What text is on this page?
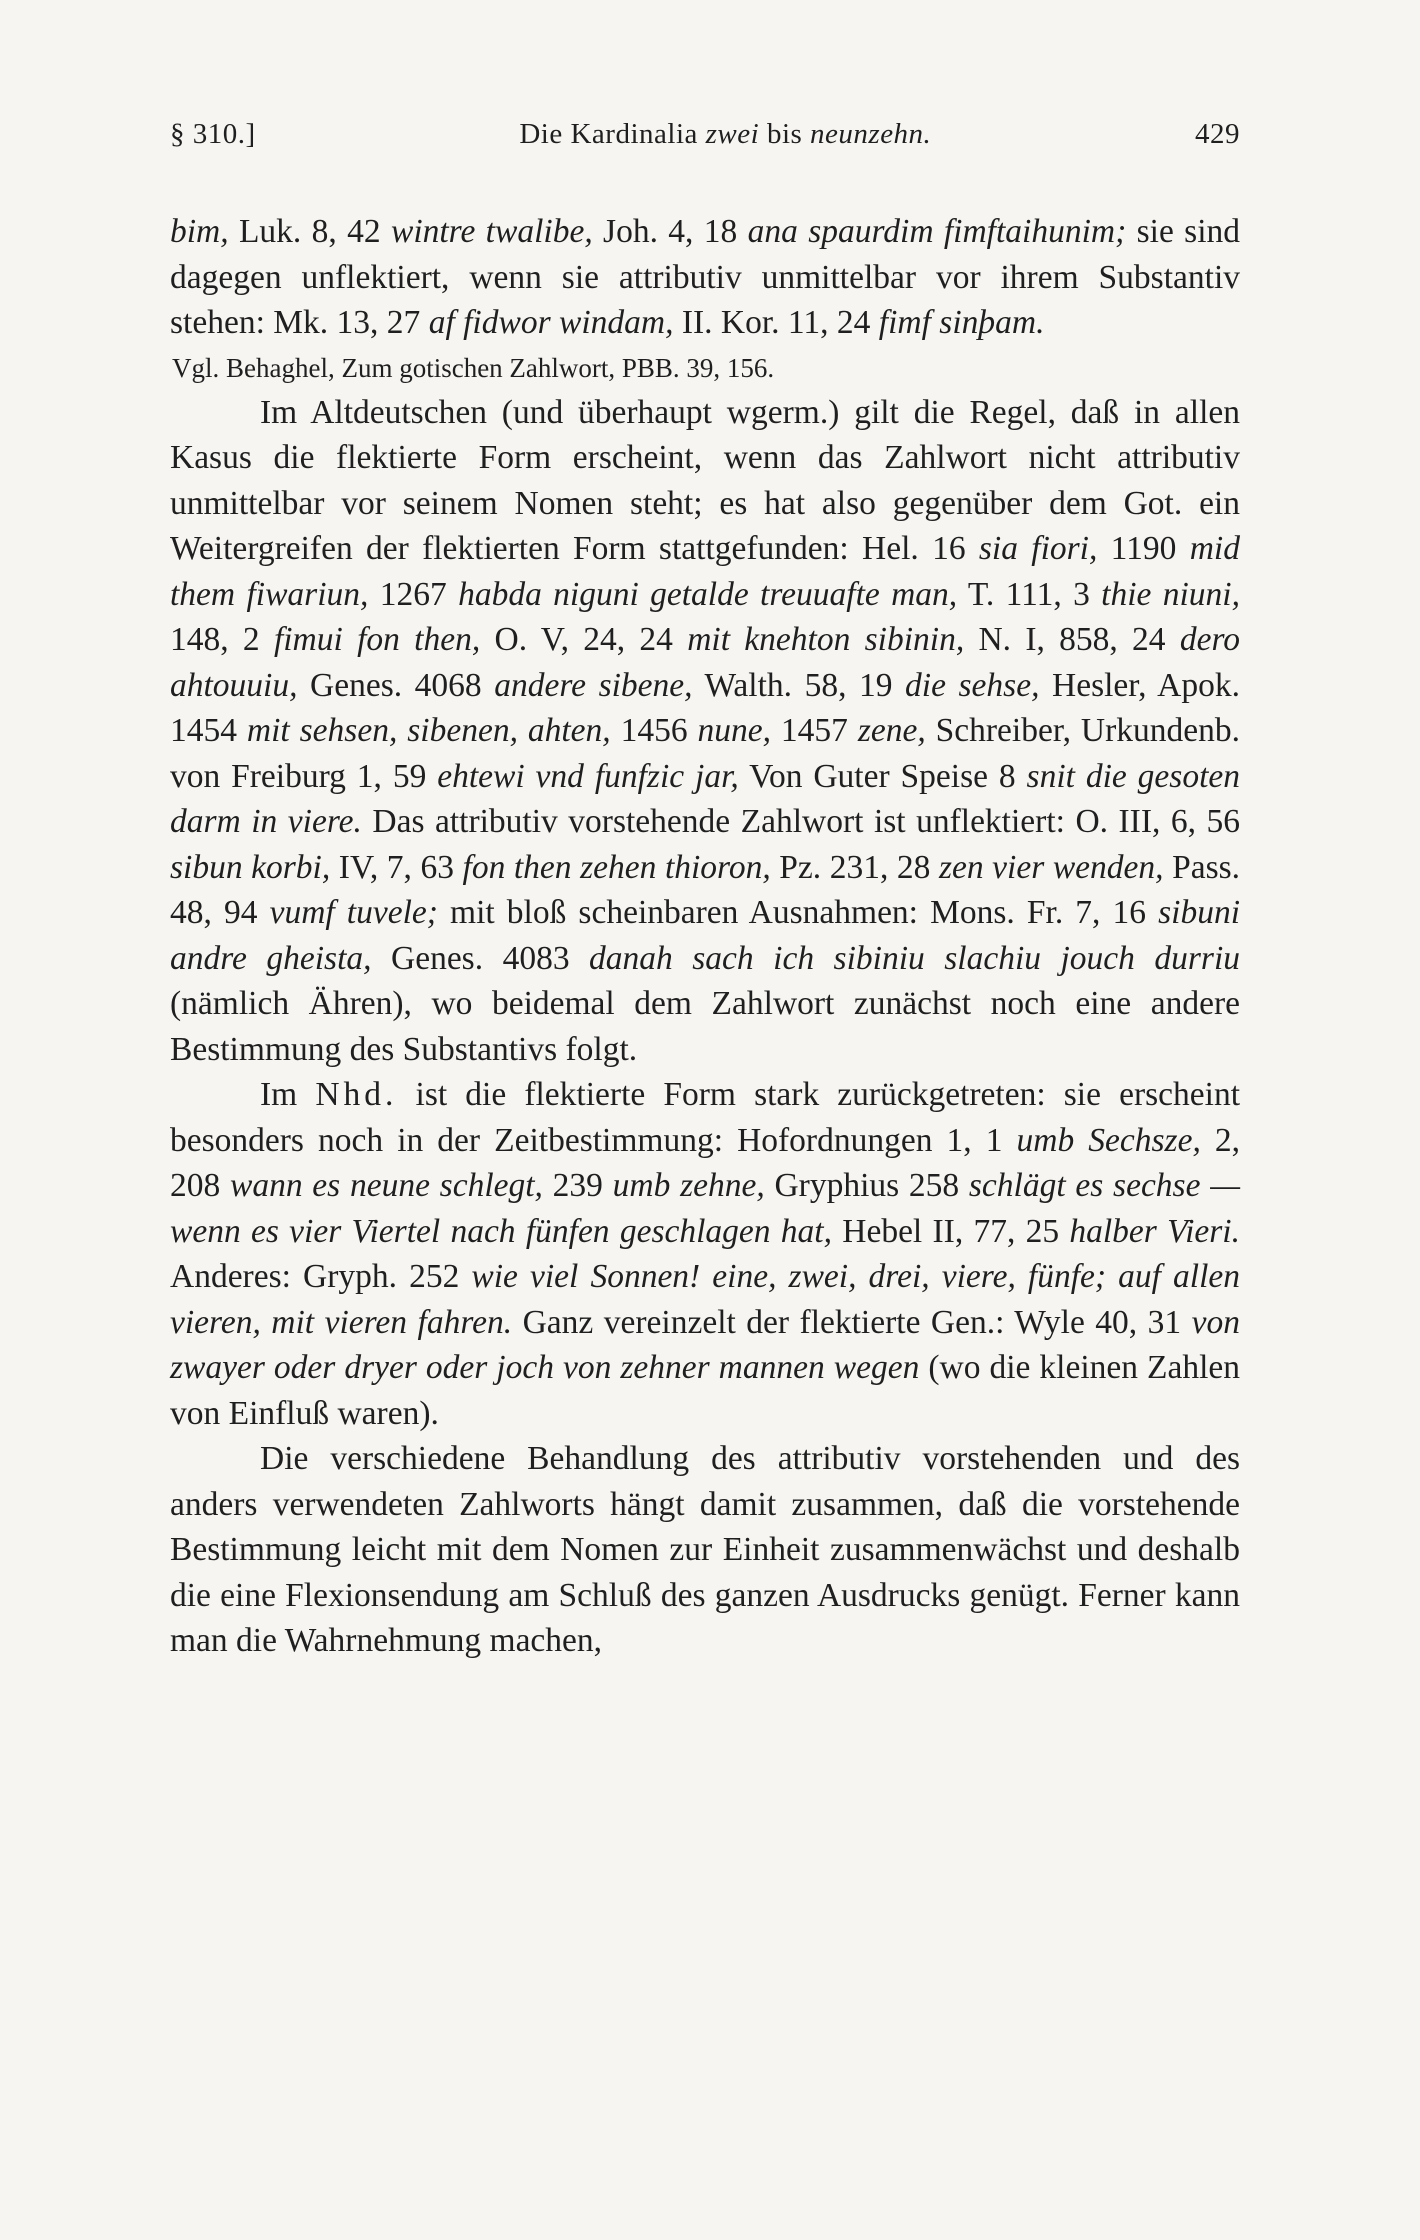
§ 310.]	Die Kardinalia zwei bis neunzehn.	429

bim, Luk. 8, 42 wintre twalibe, Joh. 4, 18 ana spaurdim fimftaihunim; sie sind dagegen unflektiert, wenn sie attributiv unmittelbar vor ihrem Substantiv stehen: Mk. 13, 27 af fidwor windam, II. Kor. 11, 24 fimf sinþam.

Vgl. Behaghel, Zum gotischen Zahlwort, PBB. 39, 156.

Im Altdeutschen (und überhaupt wgerm.) gilt die Regel, daß in allen Kasus die flektierte Form erscheint, wenn das Zahlwort nicht attributiv unmittelbar vor seinem Nomen steht; es hat also gegenüber dem Got. ein Weitergreifen der flektierten Form stattgefunden: Hel. 16 sia fiori, 1190 mid them fiwariun, 1267 habda niguni getalde treuuafte man, T. 111, 3 thie niuni, 148, 2 fimui fon then, O. V, 24, 24 mit knehton sibinin, N. I, 858, 24 dero ahtouuiu, Genes. 4068 andere sibene, Walth. 58, 19 die sehse, Hesler, Apok. 1454 mit sehsen, sibenen, ahten, 1456 nune, 1457 zene, Schreiber, Urkundenb. von Freiburg 1, 59 ehtewi vnd funfzic jar, Von Guter Speise 8 snit die gesoten darm in viere. Das attributiv vorstehende Zahlwort ist unflektiert: O. III, 6, 56 sibun korbi, IV, 7, 63 fon then zehen thioron, Pz. 231, 28 zen vier wenden, Pass. 48, 94 vumf tuvele; mit bloß scheinbaren Ausnahmen: Mons. Fr. 7, 16 sibuni andre gheista, Genes. 4083 danah sach ich sibiniu slachiu jouch durriu (nämlich Ähren), wo beidemal dem Zahlwort zunächst noch eine andere Bestimmung des Substantivs folgt.

Im Nhd. ist die flektierte Form stark zurückgetreten: sie erscheint besonders noch in der Zeitbestimmung: Hofordnungen 1, 1 umb Sechsze, 2, 208 wann es neune schlegt, 239 umb zehne, Gryphius 258 schlägt es sechse — wenn es vier Viertel nach fünfen geschlagen hat, Hebel II, 77, 25 halber Vieri. Anderes: Gryph. 252 wie viel Sonnen! eine, zwei, drei, viere, fünfe; auf allen vieren, mit vieren fahren. Ganz vereinzelt der flektierte Gen.: Wyle 40, 31 von zwayer oder dryer oder joch von zehner mannen wegen (wo die kleinen Zahlen von Einfluß waren).

Die verschiedene Behandlung des attributiv vorstehenden und des anders verwendeten Zahlworts hängt damit zusammen, daß die vorstehende Bestimmung leicht mit dem Nomen zur Einheit zusammenwächst und deshalb die eine Flexionsendung am Schluß des ganzen Ausdrucks genügt. Ferner kann man die Wahrnehmung machen,
